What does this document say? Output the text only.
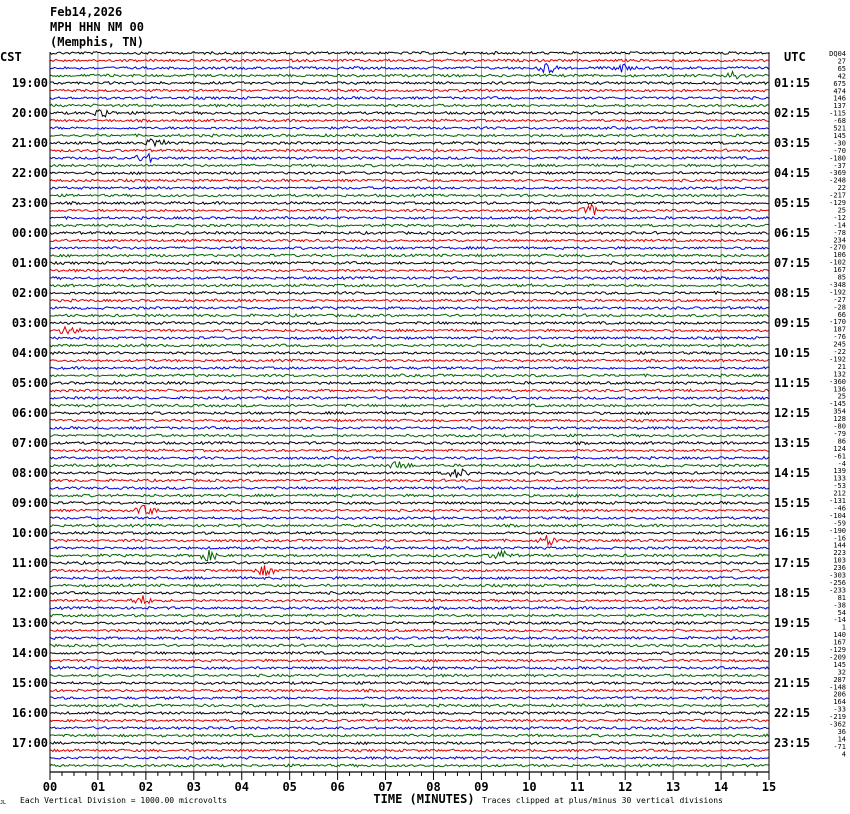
Feb14,2026
MPH HHN NM 00
(Memphis, TN)
CST	UTC
19:00
20:00
21:00
22:00
23:00
00:00
01:00
02:00
03:00
04:00
05:00
06:00
07:00
08:00
09:00
10:00
11:00
12:00
13:00
14:00
15:00
16:00
17:00
01:15
02:15
03:15
04:15
05:15
06:15
07:15
08:15
09:15
10:15
11:15
12:15
13:15
14:15
15:15
16:15
17:15
18:15
19:15
20:15
21:15
22:15
23:15
DQ04
27
65
42
675
474
146
137
-115
-68
521
145
-30
-70
-180
-37
-369
-248
22
-217
-129
25
-12
-14
-78
234
-270
106
-102
167
85
-348
-192
-27
-28
66
-170
187
-76
245
-22
-192
21
132
-360
136
25
-145
354
128
-80
-79
86
124
-61
-4
139
133
-53
212
-131
-46
-104
-59
-190
-16
144
223
103
236
-303
-256
-233
81
-38
54
-14
1
140
167
-129
-209
145
32
287
-148
206
164
-33
-219
-362
36
14
-71
4
00	01	02	03	04	05	06	07	08	09	10	11	12	13	14	15
TIME (MINUTES)
Each Vertical Division = 1000.00 microvolts	Traces clipped at plus/minus 30 vertical divisions
JL
